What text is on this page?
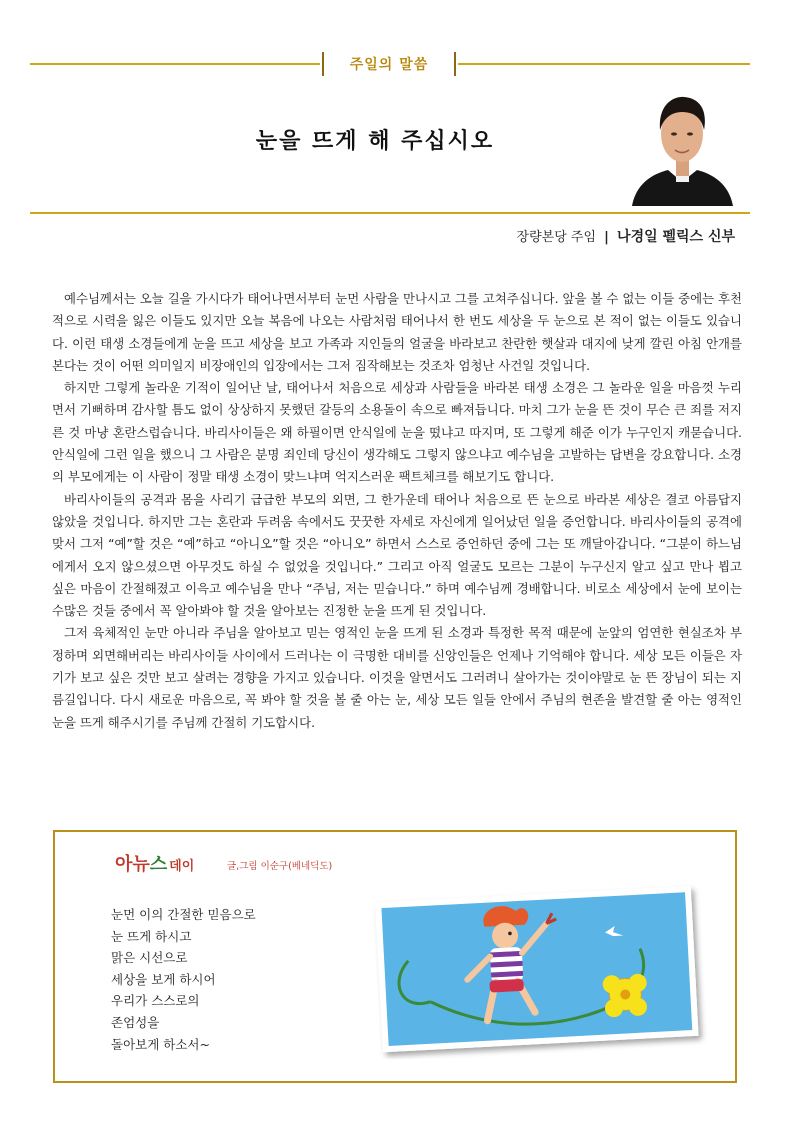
주일의 말씀
눈을 뜨게 해 주십시오
장량본당 주임 | 나경일 펠릭스 신부

예수님께서는 오늘 길을 가시다가 태어나면서부터 눈먼 사람을 만나시고 그를 고쳐주십니다. 앞을 볼 수 없는 이들 중에는 후천적으로 시력을 잃은 이들도 있지만 오늘 복음에 나오는 사람처럼 태어나서 한 번도 세상을 두 눈으로 본 적이 없는 이들도 있습니다. 이런 태생 소경들에게 눈을 뜨고 세상을 보고 가족과 지인들의 얼굴을 바라보고 찬란한 햇살과 대지에 낮게 깔린 아침 안개를 본다는 것이 어떤 의미일지 비장애인의 입장에서는 그저 짐작해보는 것조차 엄청난 사건일 것입니다.

하지만 그렇게 놀라운 기적이 일어난 날, 태어나서 처음으로 세상과 사람들을 바라본 태생 소경은 그 놀라운 일을 마음껏 누리면서 기뻐하며 감사할 틈도 없이 상상하지 못했던 갈등의 소용돌이 속으로 빠져듭니다. 마치 그가 눈을 뜬 것이 무슨 큰 죄를 저지른 것 마냥 혼란스럽습니다. 바리사이들은 왜 하필이면 안식일에 눈을 떴냐고 따지며, 또 그렇게 해준 이가 누구인지 캐묻습니다. 안식일에 그런 일을 했으니 그 사람은 분명 죄인데 당신이 생각해도 그렇지 않으냐고 예수님을 고발하는 답변을 강요합니다. 소경의 부모에게는 이 사람이 정말 태생 소경이 맞느냐며 억지스러운 팩트체크를 해보기도 합니다.

바리사이들의 공격과 몸을 사리기 급급한 부모의 외면, 그 한가운데 태어나 처음으로 뜬 눈으로 바라본 세상은 결코 아름답지 않았을 것입니다. 하지만 그는 혼란과 두려움 속에서도 꿋꿋한 자세로 자신에게 일어났던 일을 증언합니다. 바리사이들의 공격에 맞서 그저 “예”할 것은 “예”하고 “아니오”할 것은 “아니오” 하면서 스스로 증언하던 중에 그는 또 깨달아갑니다. “그분이 하느님에게서 오지 않으셨으면 아무것도 하실 수 없었을 것입니다.” 그리고 아직 얼굴도 모르는 그분이 누구신지 알고 싶고 만나 뵙고 싶은 마음이 간절해졌고 이윽고 예수님을 만나 “주님, 저는 믿습니다.” 하며 예수님께 경배합니다. 비로소 세상에서 눈에 보이는 수많은 것들 중에서 꼭 알아봐야 할 것을 알아보는 진정한 눈을 뜨게 된 것입니다.

그저 육체적인 눈만 아니라 주님을 알아보고 믿는 영적인 눈을 뜨게 된 소경과 특정한 목적 때문에 눈앞의 엄연한 현실조차 부정하며 외면해버리는 바리사이들 사이에서 드러나는 이 극명한 대비를 신앙인들은 언제나 기억해야 합니다. 세상 모든 이들은 자기가 보고 싶은 것만 보고 살려는 경향을 가지고 있습니다. 이것을 알면서도 그러려니 살아가는 것이야말로 눈 뜬 장님이 되는 지름길입니다. 다시 새로운 마음으로, 꼭 봐야 할 것을 볼 줄 아는 눈, 세상 모든 일들 안에서 주님의 현존을 발견할 줄 아는 영적인 눈을 뜨게 해주시기를 주님께 간절히 기도합시다.

아뉴스 데이	글,그림 이순구(베네딕도)
눈먼 이의 간절한 믿음으로
눈 뜨게 하시고
맑은 시선으로
세상을 보게 하시어
우리가 스스로의
존엄성을
돌아보게 하소서~
